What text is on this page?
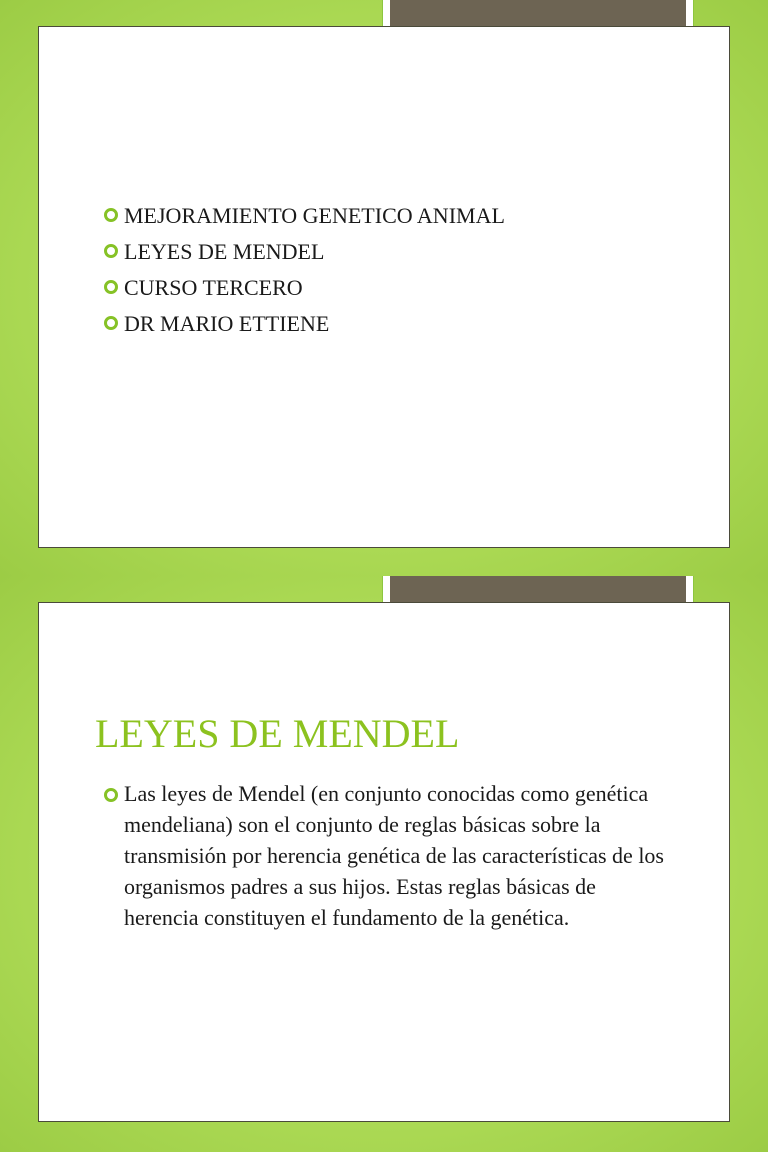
MEJORAMIENTO GENETICO ANIMAL
LEYES DE MENDEL
CURSO TERCERO
DR MARIO ETTIENE
LEYES DE MENDEL
Las leyes de Mendel (en conjunto conocidas como genética mendeliana) son el conjunto de reglas básicas sobre la transmisión por herencia genética de las características de los organismos padres a sus hijos. Estas reglas básicas de herencia constituyen el fundamento de la genética.
